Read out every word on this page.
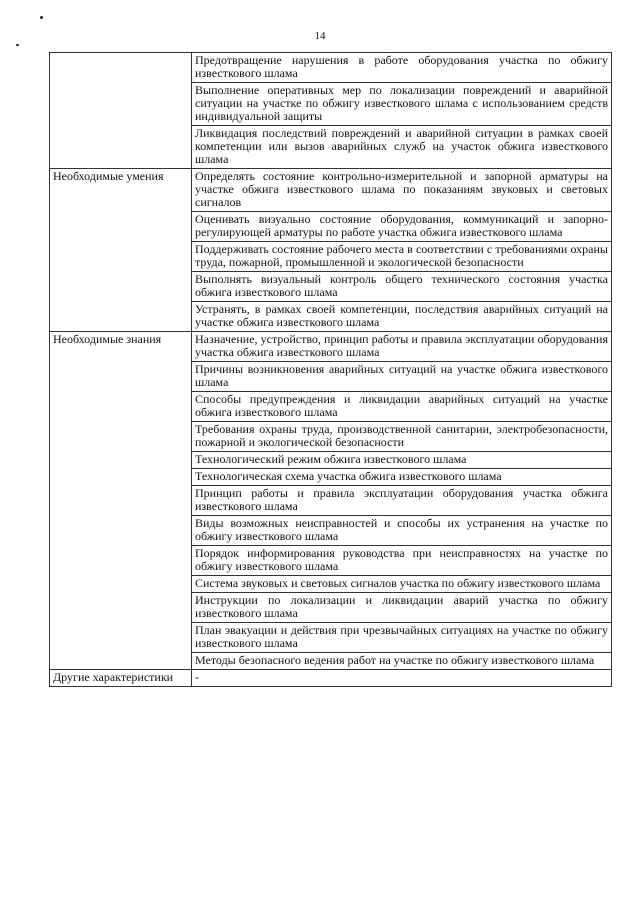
14
	Предотвращение нарушения в работе оборудования участка по обжигу известкового шлама
	Выполнение оперативных мер по локализации повреждений и аварийной ситуации на участке по обжигу известкового шлама с использованием средств индивидуальной защиты
	Ликвидация последствий повреждений и аварийной ситуации в рамках своей компетенции или вызов аварийных служб на участок обжига известкового шлама

Необходимые умения	Определять состояние контрольно-измерительной и запорной арматуры на участке обжига известкового шлама по показаниям звуковых и световых сигналов
	Оценивать визуально состояние оборудования, коммуникаций и запорно-регулирующей арматуры по работе участка обжига известкового шлама
	Поддерживать состояние рабочего места в соответствии с требованиями охраны труда, пожарной, промышленной и экологической безопасности
	Выполнять визуальный контроль общего технического состояния участка обжига известкового шлама
	Устранять, в рамках своей компетенции, последствия аварийных ситуаций на участке обжига известкового шлама

Необходимые знания	Назначение, устройство, принцип работы и правила эксплуатации оборудования участка обжига известкового шлама
	Причины возникновения аварийных ситуаций на участке обжига известкового шлама
	Способы предупреждения и ликвидации аварийных ситуаций на участке обжига известкового шлама
	Требования охраны труда, производственной санитарии, электробезопасности, пожарной и экологической безопасности
	Технологический режим обжига известкового шлама
	Технологическая схема участка обжига известкового шлама
	Принцип работы и правила эксплуатации оборудования участка обжига известкового шлама
	Виды возможных неисправностей и способы их устранения на участке по обжигу известкового шлама
	Порядок информирования руководства при неисправностях на участке по обжигу известкового шлама
	Система звуковых и световых сигналов участка по обжигу известкового шлама
	Инструкции по локализации и ликвидации аварий участка по обжигу известкового шлама
	План эвакуации и действия при чрезвычайных ситуациях на участке по обжигу известкового шлама
	Методы безопасного ведения работ на участке по обжигу известкового шлама

Другие характеристики	-
